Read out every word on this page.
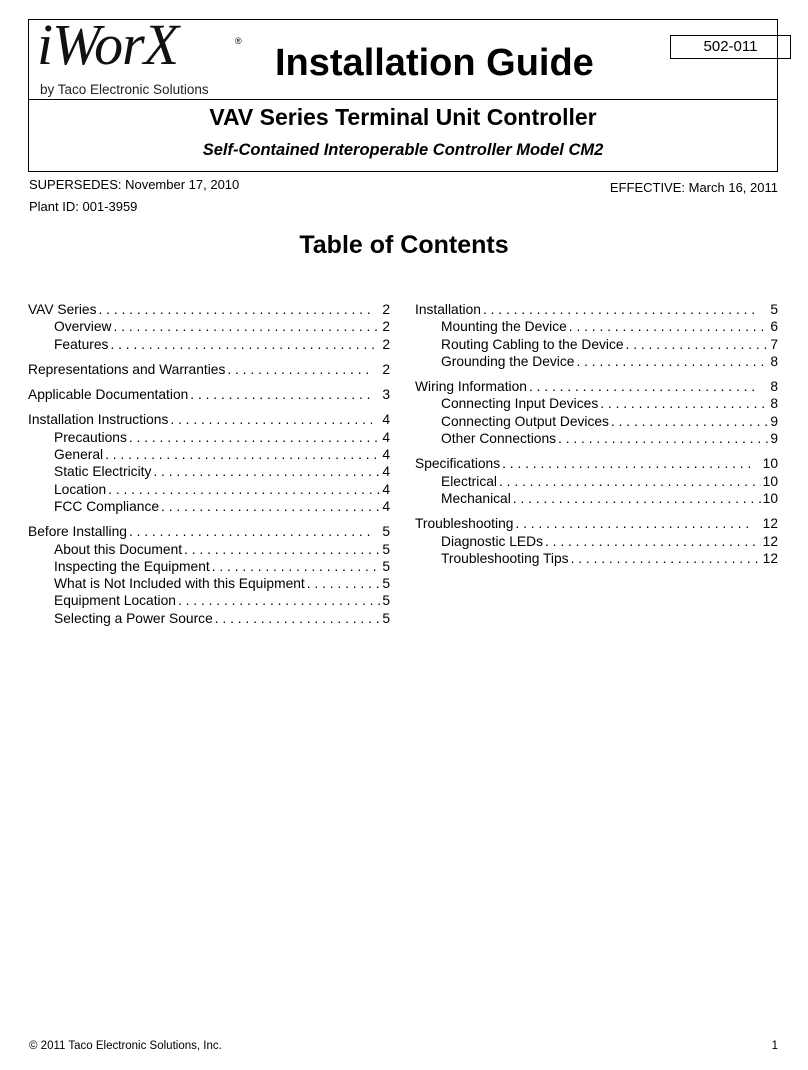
iWorX	®
by Taco Electronic Solutions
Installation Guide	502-011
VAV Series Terminal Unit Controller
Self-Contained Interoperable Controller Model CM2
SUPERSEDES: November 17, 2010	EFFECTIVE: March 16, 2011
Plant ID: 001-3959
Table of Contents
VAV Series . . .	2
Overview . . .	2
Features . . .	2
Representations and Warranties . . .	2
Applicable Documentation . . .	3
Installation Instructions . . .	4
Precautions . . .	4
General . . .	4
Static Electricity . . .	4
Location . . .	4
FCC Compliance . . .	4
Before Installing . . .	5
About this Document . . .	5
Inspecting the Equipment . . .	5
What is Not Included with this Equipment . . .	5
Equipment Location . . .	5
Selecting a Power Source . . .	5
Installation . . .	5
Mounting the Device . . .	6
Routing Cabling to the Device . . .	7
Grounding the Device . . .	8
Wiring Information . . .	8
Connecting Input Devices . . .	8
Connecting Output Devices . . .	9
Other Connections . . .	9
Specifications . . .	10
Electrical . . .	10
Mechanical . . .	10
Troubleshooting . . .	12
Diagnostic LEDs . . .	12
Troubleshooting Tips . . .	12
© 2011 Taco Electronic Solutions, Inc.	1
